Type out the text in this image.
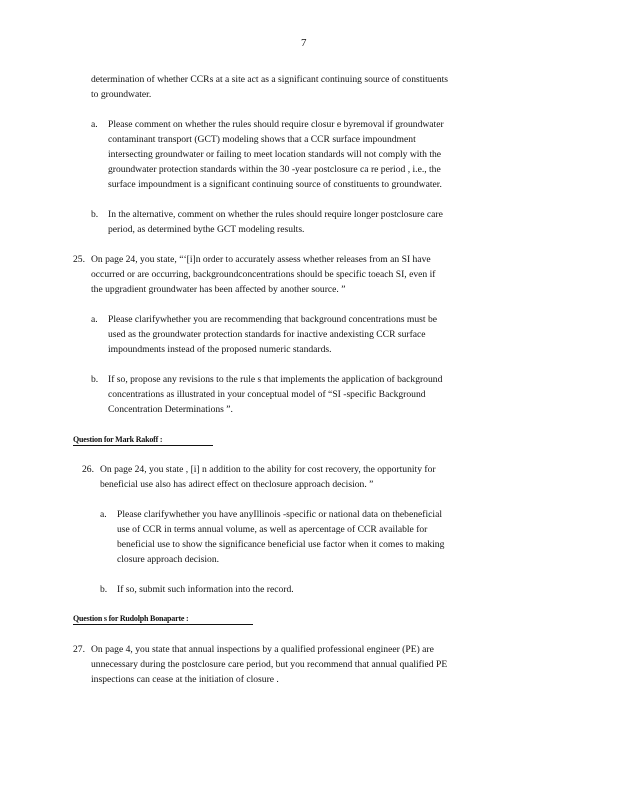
7

determination of whether CCRs at a site act as a significant continuing source of constituents

to groundwater.

a. Please comment on whether the rules should require closur e byremoval if groundwater

contaminant transport (GCT) modeling shows that a CCR surface impoundment

intersecting groundwater or failing to meet location standards will not comply with the

groundwater protection standards within the 30 -year postclosure ca re period , i.e., the

surface impoundment is a significant continuing source of constituents to groundwater.

b. In the alternative, comment on whether the rules should require longer postclosure care

period, as determined bythe GCT modeling results.

25. On page 24, you state, “‘[i]n order to accurately assess whether releases from an SI have

occurred or are occurring, backgroundconcentrations should be specific toeach SI, even if

the upgradient groundwater has been affected by another source. ”

a. Please clarifywhether you are recommending that background concentrations must be

used as the groundwater protection standards for inactive andexisting CCR surface

impoundments instead of the proposed numeric standards.

b. If so, propose any revisions to the rule s that implements the application of background

concentrations as illustrated in your conceptual model of “SI -specific Background

Concentration Determinations ”.

Question for Mark Rakoff :
26. On page 24, you state , [i] n addition to the ability for cost recovery, the opportunity for

beneficial use also has adirect effect on theclosure approach decision. ”

a. Please clarifywhether you have anyIllinois -specific or national data on thebeneficial

use of CCR in terms annual volume, as well as apercentage of CCR available for

beneficial use to show the significance beneficial use factor when it comes to making

closure approach decision.

b. If so, submit such information into the record.

Question s for Rudolph Bonaparte :
27. On page 4, you state that annual inspections by a qualified professional engineer (PE) are

unnecessary during the postclosure care period, but you recommend that annual qualified PE

inspections can cease at the initiation of closure .
